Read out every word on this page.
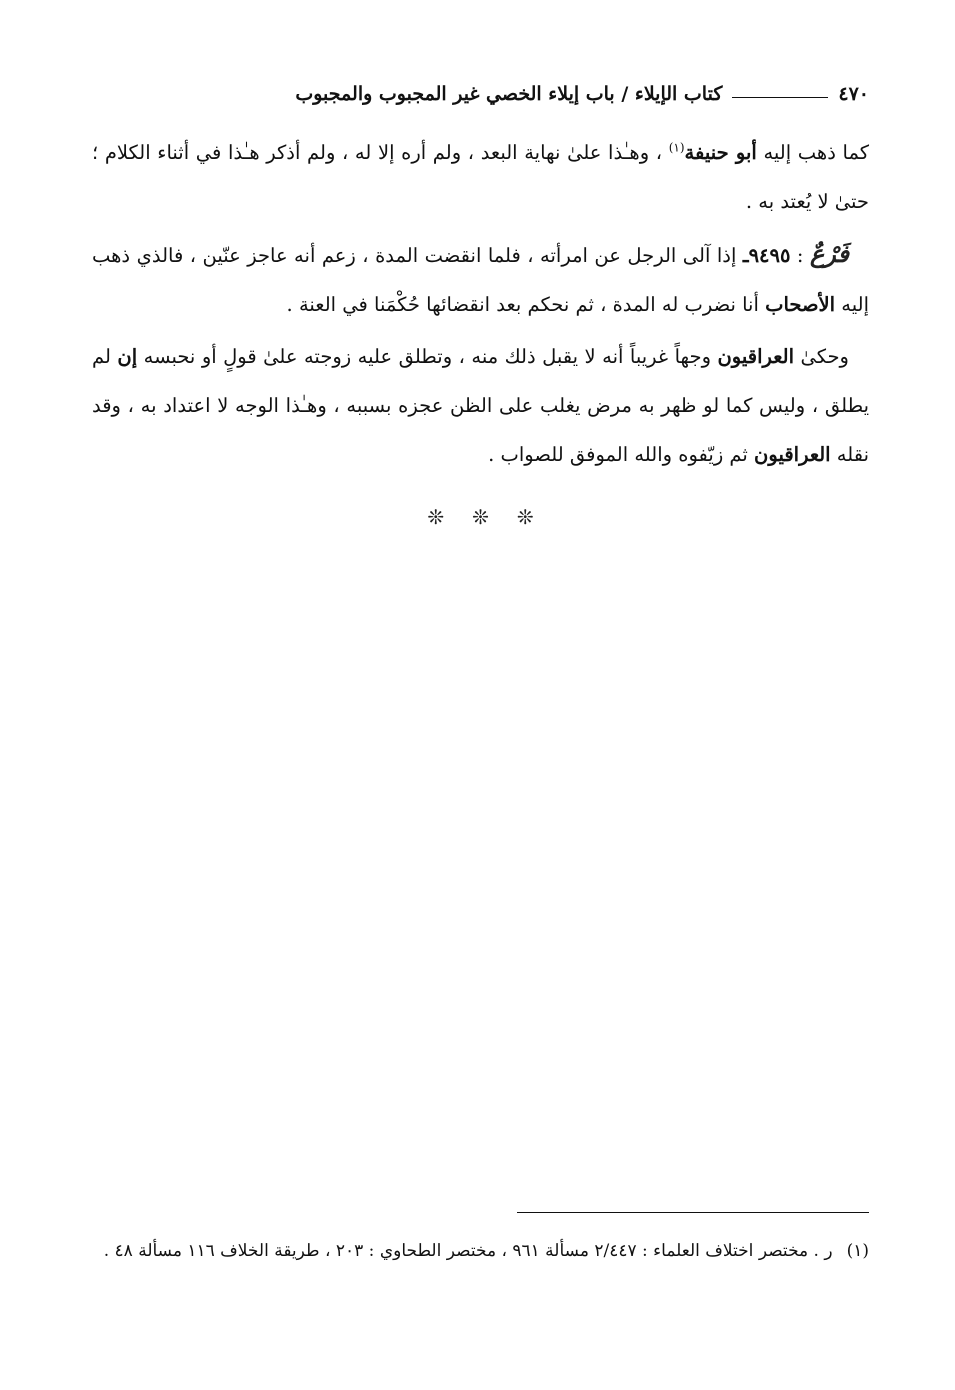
٤٧٠
كتاب الإيلاء / باب إيلاء الخصي غير المجبوب والمجبوب

كما ذهب إليه أبو حنيفة$^{(١)}$ ، وهـٰذا علىٰ نهاية البعد ، ولم أره إلا له ، ولم أذكر هـٰذا في أثناء الكلام ؛ حتىٰ لا يُعتد به .

فَرْعٌ : ٩٤٩٥ـ إذا آلى الرجل عن امرأته ، فلما انقضت المدة ، زعم أنه عاجز عنّين ، فالذي ذهب إليه الأصحاب أنا نضرب له المدة ، ثم نحكم بعد انقضائها حُكْمَنا في العنة .

وحكىٰ العراقيون وجهاً غريباً أنه لا يقبل ذلك منه ، وتطلق عليه زوجته علىٰ قولٍ أو نحبسه إن لم يطلق ، وليس كما لو ظهر به مرض يغلب على الظن عجزه بسببه ، وهـٰذا الوجه لا اعتداد به ، وقد نقله العراقيون ثم زيّفوه والله الموفق للصواب .

❊ ❊ ❊
(١)ر . مختصر اختلاف العلماء : ٢/٤٤٧ مسألة ٩٦١ ، مختصر الطحاوي : ٢٠٣ ، طريقة الخلاف ١١٦ مسألة ٤٨ .
